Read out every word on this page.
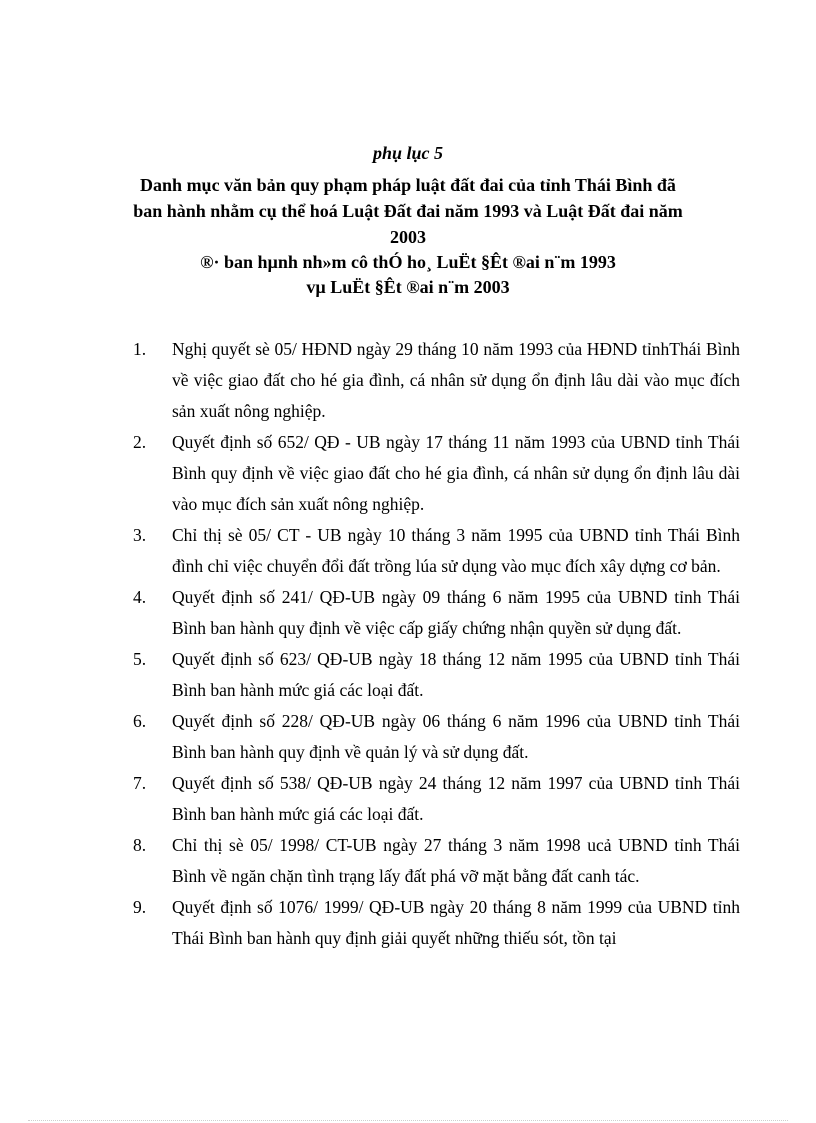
phụ lục 5
Danh mục văn bản quy phạm pháp luật đất đai của tỉnh Thái Bình đã
ban hành nhằm cụ thể hoá Luật Đất đai năm 1993 và Luật Đất đai năm
2003
®· ban hµnh nh»m cô thÓ ho¸ LuËt §Êt ®ai n¨m 1993
vµ LuËt §Êt ®ai n¨m 2003
1.	Nghị quyết sè 05/ HĐND ngày 29 tháng 10 năm 1993 của HĐND tỉnhThái Bình về việc giao đất cho hé gia đình, cá nhân sử dụng ổn định lâu dài vào mục đích sản xuất nông nghiệp.
2.	Quyết định số 652/ QĐ - UB ngày 17 tháng 11 năm 1993 của UBND tỉnh Thái Bình quy định về việc giao đất cho hé gia đình, cá nhân sử dụng ổn định lâu dài vào mục đích sản xuất nông nghiệp.
3.	Chỉ thị sè 05/ CT - UB ngày 10 tháng 3 năm 1995 của UBND tỉnh Thái Bình đình chỉ việc chuyển đổi đất trồng lúa sử dụng vào mục đích xây dựng cơ bản.
4.	Quyết định số 241/ QĐ-UB ngày 09 tháng 6 năm 1995 của UBND tỉnh Thái Bình ban hành quy định về việc cấp giấy chứng nhận quyền sử dụng đất.
5.	Quyết định số 623/ QĐ-UB ngày 18 tháng 12 năm 1995 của UBND tỉnh Thái Bình ban hành mức giá các loại đất.
6.	Quyết định số 228/ QĐ-UB ngày 06 tháng 6 năm 1996 của UBND tỉnh Thái Bình ban hành quy định về quản lý và sử dụng đất.
7.	Quyết định số 538/ QĐ-UB ngày 24 tháng 12 năm 1997 của UBND tỉnh Thái Bình ban hành mức giá các loại đất.
8.	Chỉ thị sè 05/ 1998/ CT-UB ngày 27 tháng 3 năm 1998 ucả UBND tỉnh Thái Bình về ngăn chặn tình trạng lấy đất phá vỡ mặt bằng đất canh tác.
9.	Quyết định số 1076/ 1999/ QĐ-UB ngày 20 tháng 8 năm 1999 của UBND tỉnh Thái Bình ban hành quy định giải quyết những thiếu sót, tồn tại
